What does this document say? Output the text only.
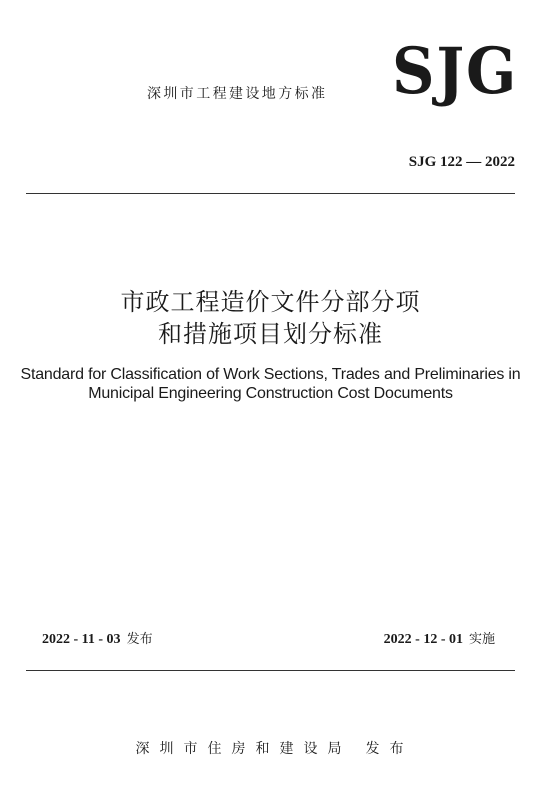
深圳市工程建设地方标准 SJG
SJG 122 — 2022
市政工程造价文件分部分项
和措施项目划分标准
Standard for Classification of Work Sections, Trades and Preliminaries in
Municipal Engineering Construction Cost Documents
2022 - 11 - 03 发布	2022 - 12 - 01 实施
深圳市住房和建设局 发布
